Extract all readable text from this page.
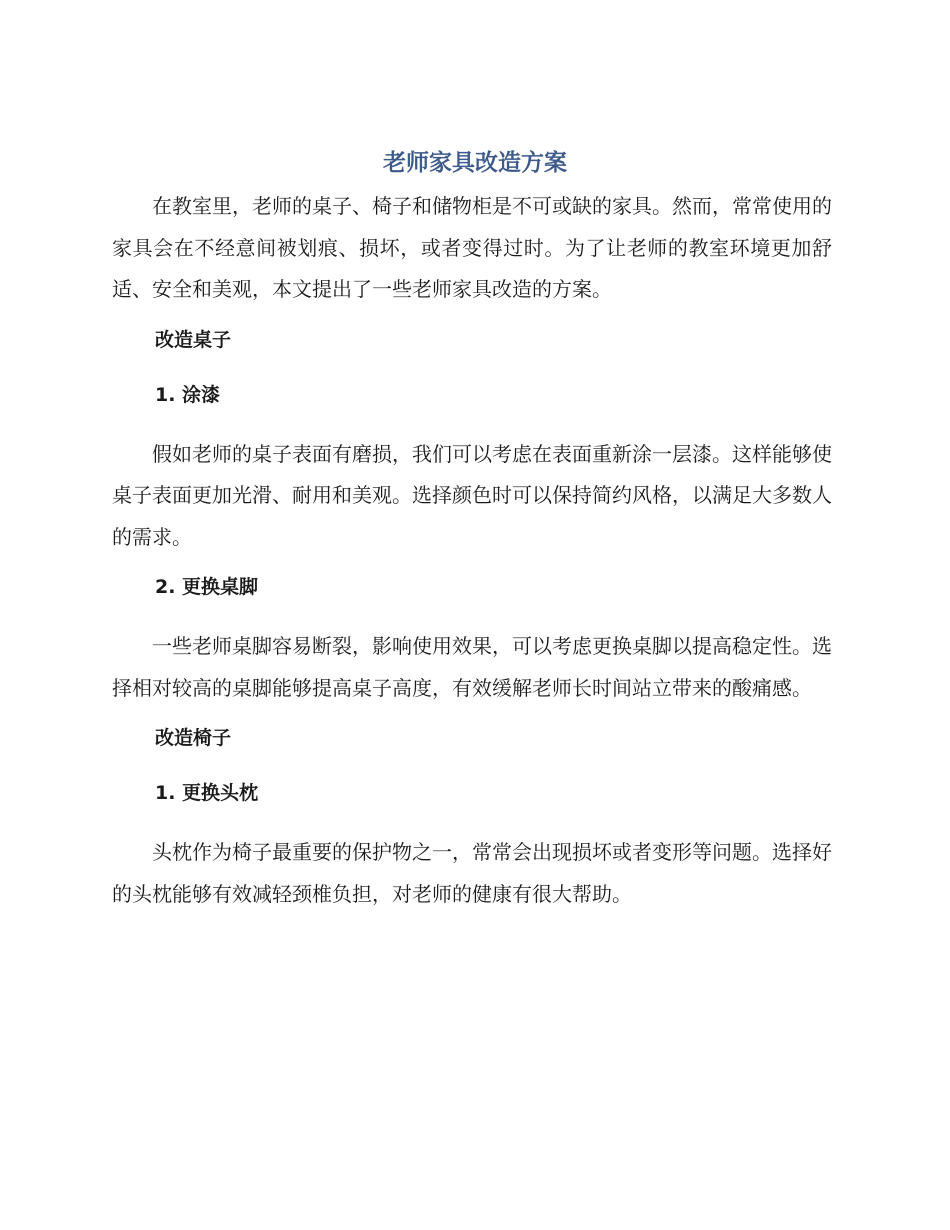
老师家具改造方案

在教室里，老师的桌子、椅子和储物柜是不可或缺的家具。然而，常常使用的家具会在不经意间被划痕、损坏，或者变得过时。为了让老师的教室环境更加舒适、安全和美观，本文提出了一些老师家具改造的方案。

改造桌子

1. 涂漆

假如老师的桌子表面有磨损，我们可以考虑在表面重新涂一层漆。这样能够使桌子表面更加光滑、耐用和美观。选择颜色时可以保持简约风格，以满足大多数人的需求。

2. 更换桌脚

一些老师桌脚容易断裂，影响使用效果，可以考虑更换桌脚以提高稳定性。选择相对较高的桌脚能够提高桌子高度，有效缓解老师长时间站立带来的酸痛感。

改造椅子

1. 更换头枕

头枕作为椅子最重要的保护物之一，常常会出现损坏或者变形等问题。选择好的头枕能够有效减轻颈椎负担，对老师的健康有很大帮助。
